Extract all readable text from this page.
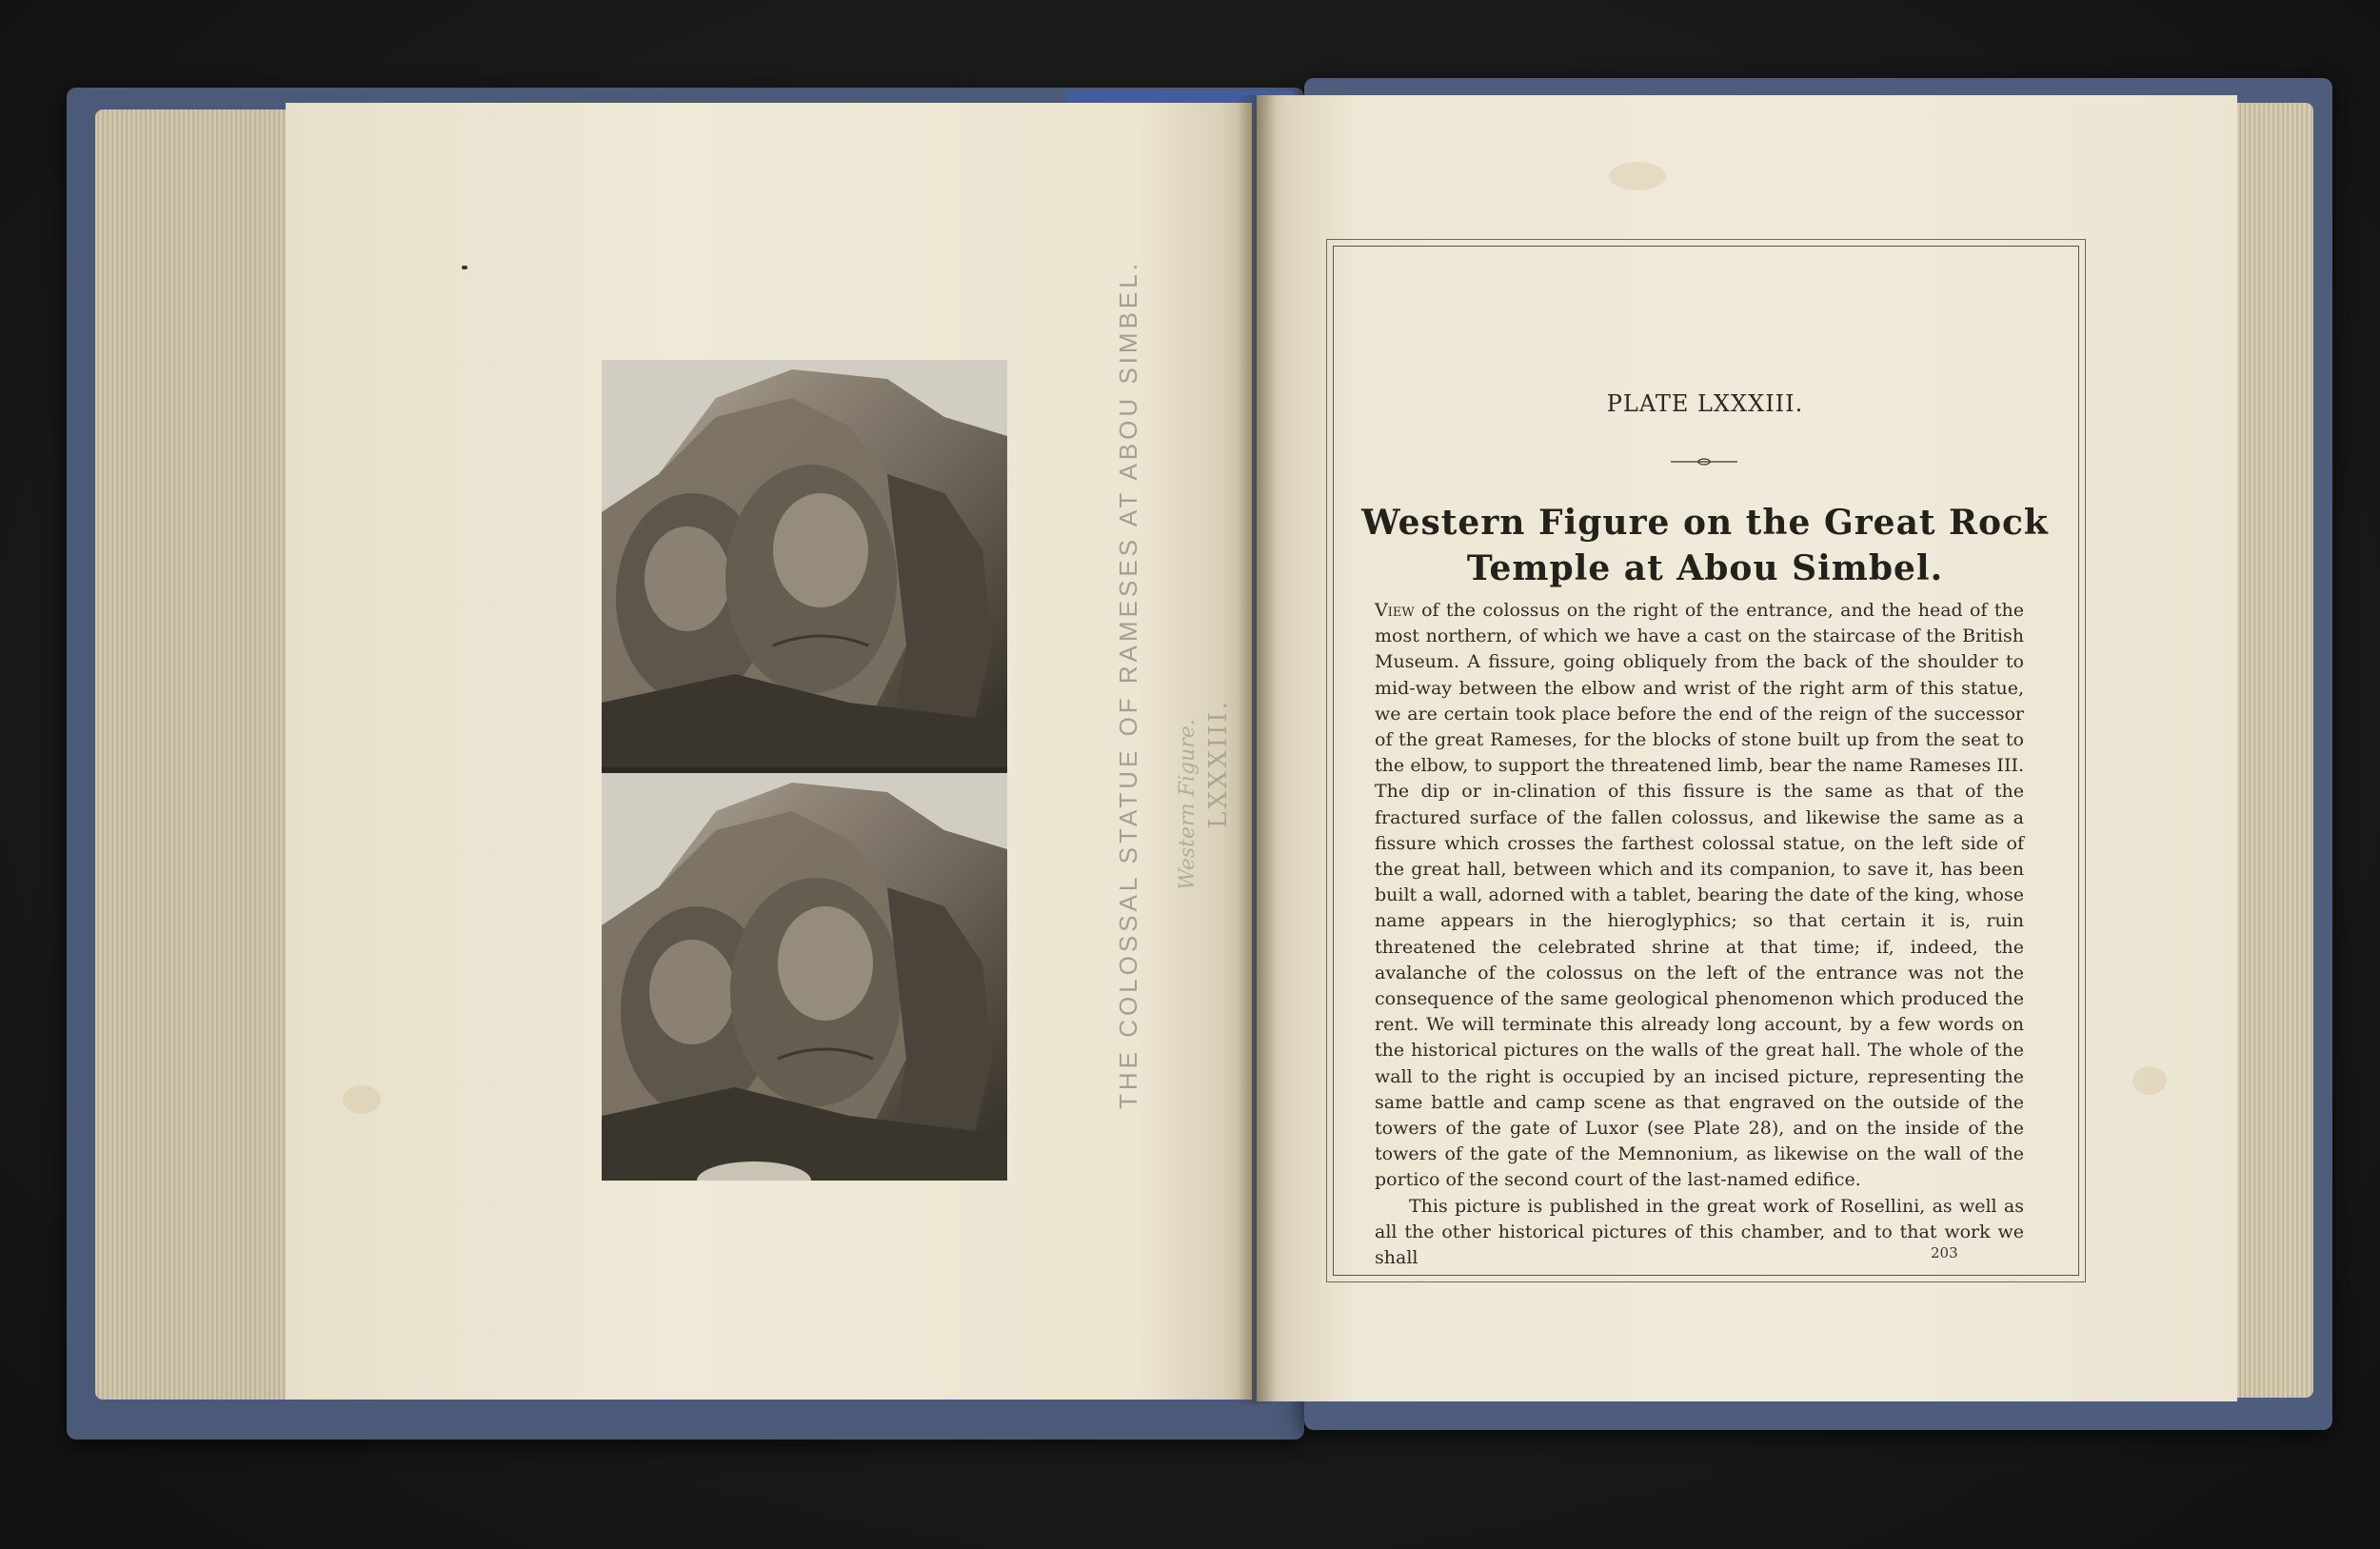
THE COLOSSAL STATUE OF RAMESES AT ABOU SIMBEL. Western Figure. LXXXIII.
PLATE LXXXIII.
Western Figure on the Great Rock Temple at Abou Simbel.

View of the colossus on the right of the entrance, and the head of the most northern, of which we have a cast on the staircase of the British Museum. A fissure, going obliquely from the back of the shoulder to mid-way between the elbow and wrist of the right arm of this statue, we are certain took place before the end of the reign of the successor of the great Rameses, for the blocks of stone built up from the seat to the elbow, to support the threatened limb, bear the name Rameses III. The dip or in-clination of this fissure is the same as that of the fractured surface of the fallen colossus, and likewise the same as a fissure which crosses the farthest colossal statue, on the left side of the great hall, between which and its companion, to save it, has been built a wall, adorned with a tablet, bearing the date of the king, whose name appears in the hieroglyphics; so that certain it is, ruin threatened the celebrated shrine at that time; if, indeed, the avalanche of the colossus on the left of the entrance was not the consequence of the same geological phenomenon which produced the rent. We will terminate this already long account, by a few words on the historical pictures on the walls of the great hall. The whole of the wall to the right is occupied by an incised picture, representing the same battle and camp scene as that engraved on the outside of the towers of the gate of Luxor (see Plate 28), and on the inside of the towers of the gate of the Memnonium, as likewise on the wall of the portico of the second court of the last-named edifice.

This picture is published in the great work of Rosellini, as well as all the other historical pictures of this chamber, and to that work we shall	203
